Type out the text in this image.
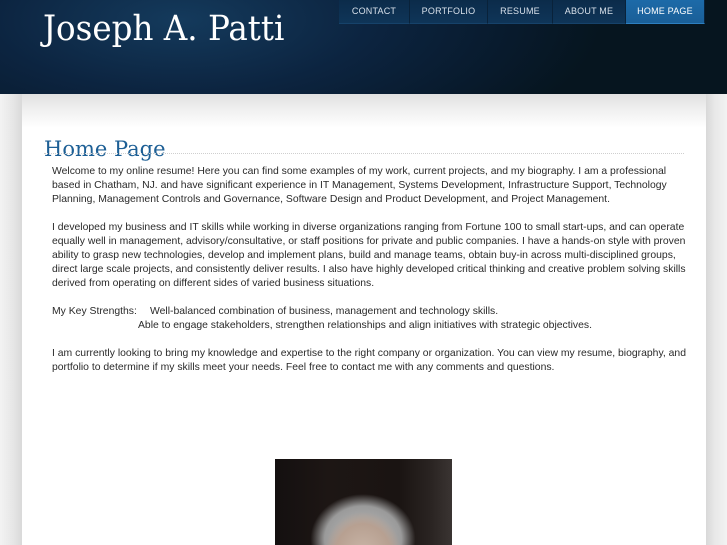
Joseph A. Patti	CONTACT	PORTFOLIO	RESUME	ABOUT ME	HOME PAGE
Home Page

Welcome to my online resume! Here you can find some examples of my work, current projects, and my biography. I am a professional based in Chatham, NJ. and have significant experience in IT Management, Systems Development, Infrastructure Support, Technology Planning, Management Controls and Governance, Software Design and Product Development, and Project Management.

I developed my business and IT skills while working in diverse organizations ranging from Fortune 100 to small start-ups, and can operate equally well in management, advisory/consultative, or staff positions for private and public companies. I have a hands-on style with proven ability to grasp new technologies, develop and implement plans, build and manage teams, obtain buy-in across multi-disciplined groups, direct large scale projects, and consistently deliver results. I also have highly developed critical thinking and creative problem solving skills derived from operating on different sides of varied business situations.

My Key Strengths: Well-balanced combination of business, management and technology skills.
Able to engage stakeholders, strengthen relationships and align initiatives with strategic objectives.

I am currently looking to bring my knowledge and expertise to the right company or organization. You can view my resume, biography, and portfolio to determine if my skills meet your needs. Feel free to contact me with any comments and questions.
